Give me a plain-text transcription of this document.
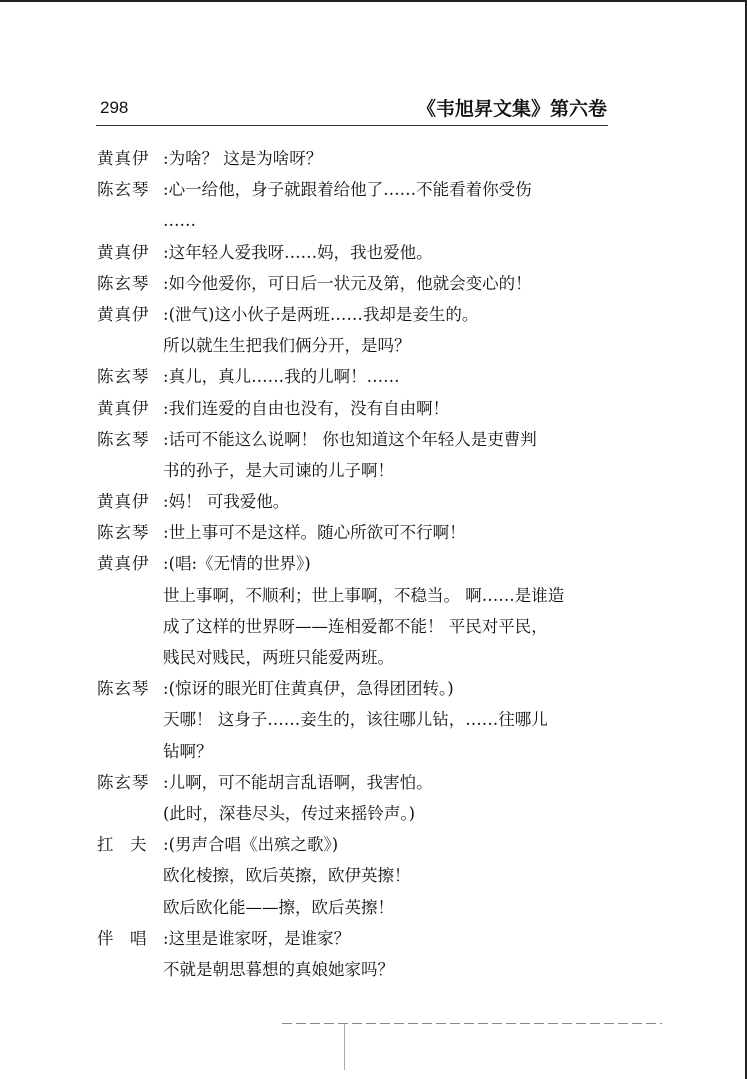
298	《韦旭昇文集》第六卷
黄真伊 :为啥？ 这是为啥呀？
陈玄琴 :心一给他，身子就跟着给他了……不能看着你受伤
……
黄真伊 :这年轻人爱我呀……妈，我也爱他。
陈玄琴 :如今他爱你，可日后一状元及第，他就会变心的！
黄真伊 :(泄气)这小伙子是两班……我却是妾生的。
所以就生生把我们俩分开，是吗？
陈玄琴 :真儿，真儿……我的儿啊！……
黄真伊 :我们连爱的自由也没有，没有自由啊！
陈玄琴 :话可不能这么说啊！ 你也知道这个年轻人是吏曹判
书的孙子，是大司谏的儿子啊！
黄真伊 :妈！ 可我爱他。
陈玄琴 :世上事可不是这样。随心所欲可不行啊！
黄真伊 :(唱:《无情的世界》)
世上事啊，不顺利；世上事啊，不稳当。 啊……是谁造
成了这样的世界呀——连相爱都不能！ 平民对平民，
贱民对贱民，两班只能爱两班。
陈玄琴 :(惊讶的眼光盯住黄真伊，急得团团转。)
天哪！ 这身子……妾生的，该往哪儿钻，……往哪儿
钻啊？
陈玄琴 :儿啊，可不能胡言乱语啊，我害怕。
(此时，深巷尽头，传过来摇铃声。)
扛　夫 :(男声合唱《出殡之歌》)
欧化棱擦，欧后英擦，欧伊英擦！
欧后欧化能——擦，欧后英擦！
伴　唱 :这里是谁家呀，是谁家？
不就是朝思暮想的真娘她家吗？
